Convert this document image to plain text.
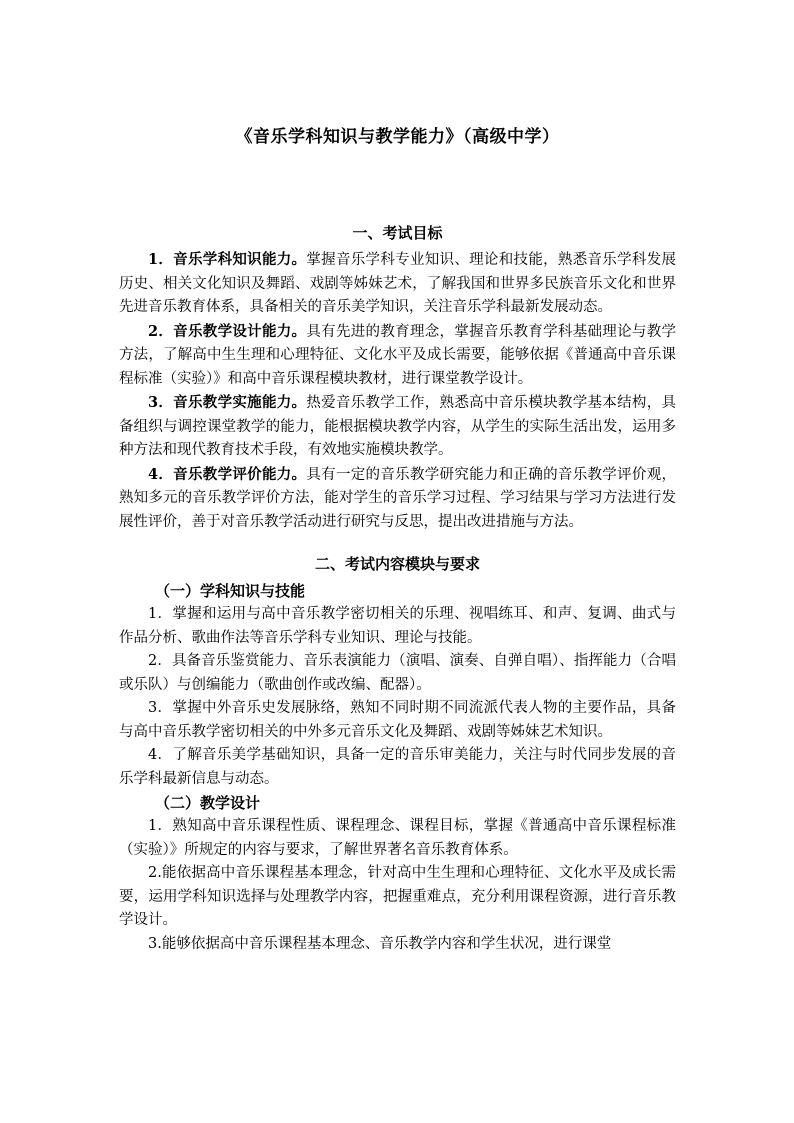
《音乐学科知识与教学能力》（高级中学）
一、考试目标

1．音乐学科知识能力。掌握音乐学科专业知识、理论和技能，熟悉音乐学科发展历史、相关文化知识及舞蹈、戏剧等姊妹艺术，了解我国和世界多民族音乐文化和世界先进音乐教育体系，具备相关的音乐美学知识，关注音乐学科最新发展动态。

2．音乐教学设计能力。具有先进的教育理念，掌握音乐教育学科基础理论与教学方法，了解高中生生理和心理特征、文化水平及成长需要，能够依据《普通高中音乐课程标准（实验）》和高中音乐课程模块教材，进行课堂教学设计。

3．音乐教学实施能力。热爱音乐教学工作，熟悉高中音乐模块教学基本结构，具备组织与调控课堂教学的能力，能根据模块教学内容，从学生的实际生活出发，运用多种方法和现代教育技术手段，有效地实施模块教学。

4．音乐教学评价能力。具有一定的音乐教学研究能力和正确的音乐教学评价观，熟知多元的音乐教学评价方法，能对学生的音乐学习过程、学习结果与学习方法进行发展性评价，善于对音乐教学活动进行研究与反思，提出改进措施与方法。

二、考试内容模块与要求
（一）学科知识与技能

1．掌握和运用与高中音乐教学密切相关的乐理、视唱练耳、和声、复调、曲式与作品分析、歌曲作法等音乐学科专业知识、理论与技能。

2．具备音乐鉴赏能力、音乐表演能力（演唱、演奏、自弹自唱）、指挥能力（合唱或乐队）与创编能力（歌曲创作或改编、配器）。

3．掌握中外音乐史发展脉络，熟知不同时期不同流派代表人物的主要作品，具备与高中音乐教学密切相关的中外多元音乐文化及舞蹈、戏剧等姊妹艺术知识。

4．了解音乐美学基础知识，具备一定的音乐审美能力，关注与时代同步发展的音乐学科最新信息与动态。

（二）教学设计

1．熟知高中音乐课程性质、课程理念、课程目标，掌握《普通高中音乐课程标准（实验）》所规定的内容与要求，了解世界著名音乐教育体系。

2.能依据高中音乐课程基本理念，针对高中生生理和心理特征、文化水平及成长需要，运用学科知识选择与处理教学内容，把握重难点，充分利用课程资源，进行音乐教学设计。

3.能够依据高中音乐课程基本理念、音乐教学内容和学生状况，进行课堂
